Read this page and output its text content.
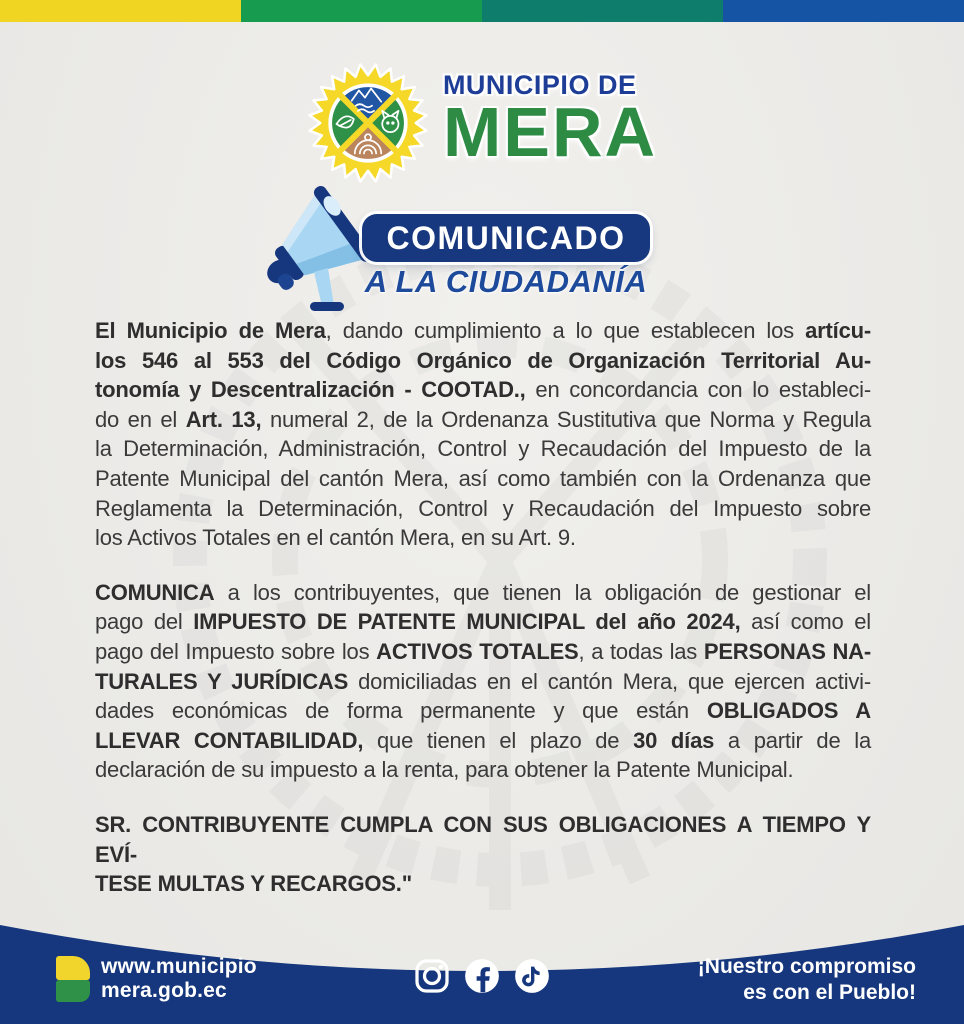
MUNICIPIO DE
MERA
COMUNICADO
A LA CIUDADANÍA
El Municipio de Mera, dando cumplimiento a lo que establecen los artícu-
los 546 al 553 del Código Orgánico de Organización Territorial Au-
tonomía y Descentralización - COOTAD., en concordancia con lo estableci-
do en el Art. 13, numeral 2, de la Ordenanza Sustitutiva que Norma y Regula
la Determinación, Administración, Control y Recaudación del Impuesto de la
Patente Municipal del cantón Mera, así como también con la Ordenanza que
Reglamenta la Determinación, Control y Recaudación del Impuesto sobre
los Activos Totales en el cantón Mera, en su Art. 9.
COMUNICA a los contribuyentes, que tienen la obligación de gestionar el
pago del IMPUESTO DE PATENTE MUNICIPAL del año 2024, así como el
pago del Impuesto sobre los ACTIVOS TOTALES, a todas las PERSONAS NA-
TURALES Y JURÍDICAS domiciliadas en el cantón Mera, que ejercen activi-
dades económicas de forma permanente y que están OBLIGADOS A
LLEVAR CONTABILIDAD, que tienen el plazo de 30 días a partir de la
declaración de su impuesto a la renta, para obtener la Patente Municipal.
SR. CONTRIBUYENTE CUMPLA CON SUS OBLIGACIONES A TIEMPO Y EVÍ-
TESE MULTAS Y RECARGOS."
www.municipio
mera.gob.ec
¡Nuestro compromiso
es con el Pueblo!
